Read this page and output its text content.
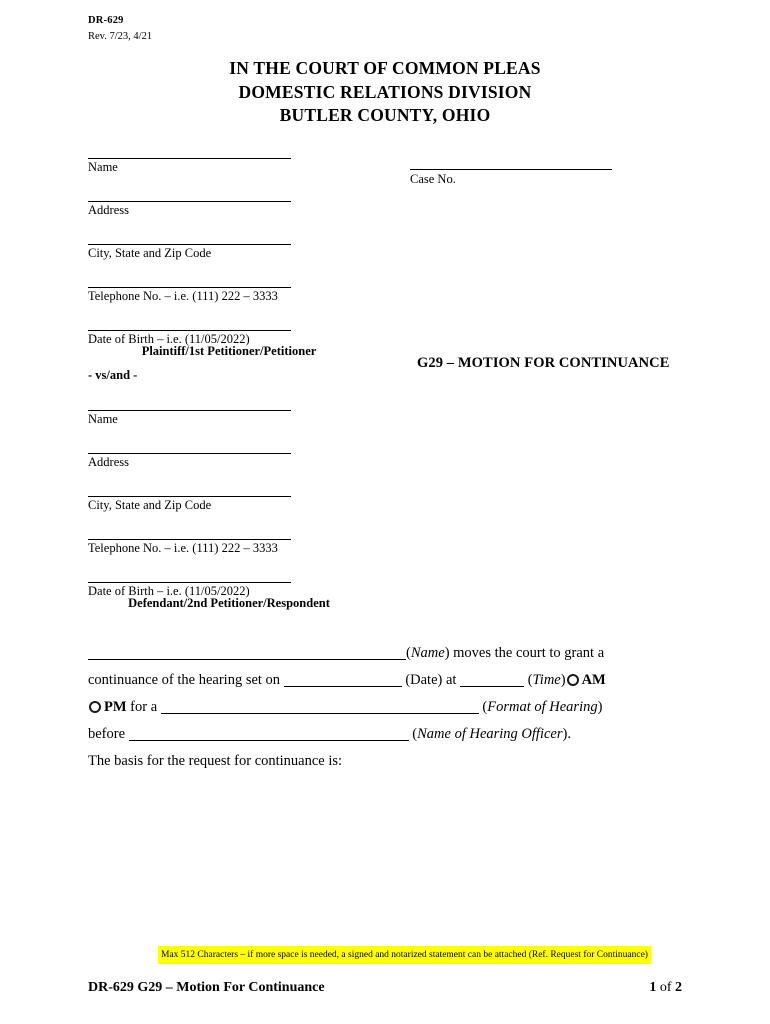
DR-629
Rev. 7/23, 4/21
IN THE COURT OF COMMON PLEAS
DOMESTIC RELATIONS DIVISION
BUTLER COUNTY, OHIO
Name
Address
City, State and Zip Code
Telephone No. – i.e. (111) 222 – 3333
Date of Birth – i.e. (11/05/2022)
Plaintiff/1st Petitioner/Petitioner
- vs/and -
Name
Address
City, State and Zip Code
Telephone No. – i.e. (111) 222 – 3333
Date of Birth – i.e. (11/05/2022)
Defendant/2nd Petitioner/Respondent
Case No.
G29 – MOTION FOR CONTINUANCE
(Name) moves the court to grant a
continuance of the hearing set on	(Date) at	(Time) AM
PM for a	(Format of Hearing)
before	(Name of Hearing Officer).
The basis for the request for continuance is:
Max 512 Characters – if more space is needed, a signed and notarized statement can be attached (Ref. Request for Continuance)
DR-629 G29 – Motion For Continuance	1 of 2
